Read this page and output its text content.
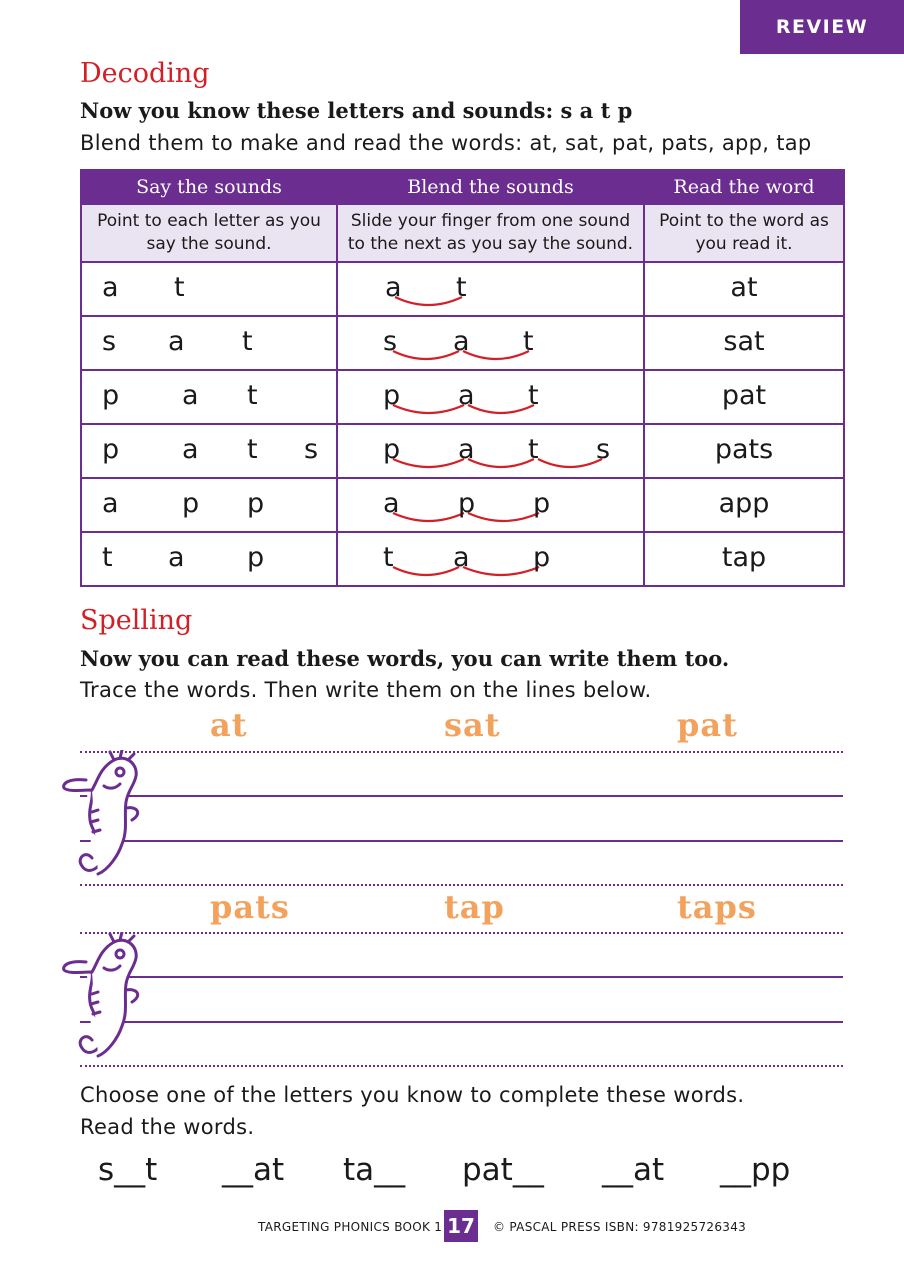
REVIEW
Decoding
Now you know these letters and sounds: s a t p
Blend them to make and read the words: at, sat, pat, pats, app, tap
Say the sounds	Blend the sounds	Read the word
Point to each letter as you say the sound.	Slide your finger from one sound to the next as you say the sound.	Point to the word as you read it.

a t	a t	at

s a t	s a t	sat

p a t	p a t	pat

p a t s	p a t s	pats

a p p	a p p	app

t a p	t a p	tap
Spelling
Now you can read these words, you can write them too.
Trace the words. Then write them on the lines below.
at	sat	pat
pats	tap	taps
Choose one of the letters you know to complete these words.
Read the words.
s__t __at ta__ pat__ __at __pp
TARGETING PHONICS BOOK 1 17 © PASCAL PRESS ISBN: 9781925726343
